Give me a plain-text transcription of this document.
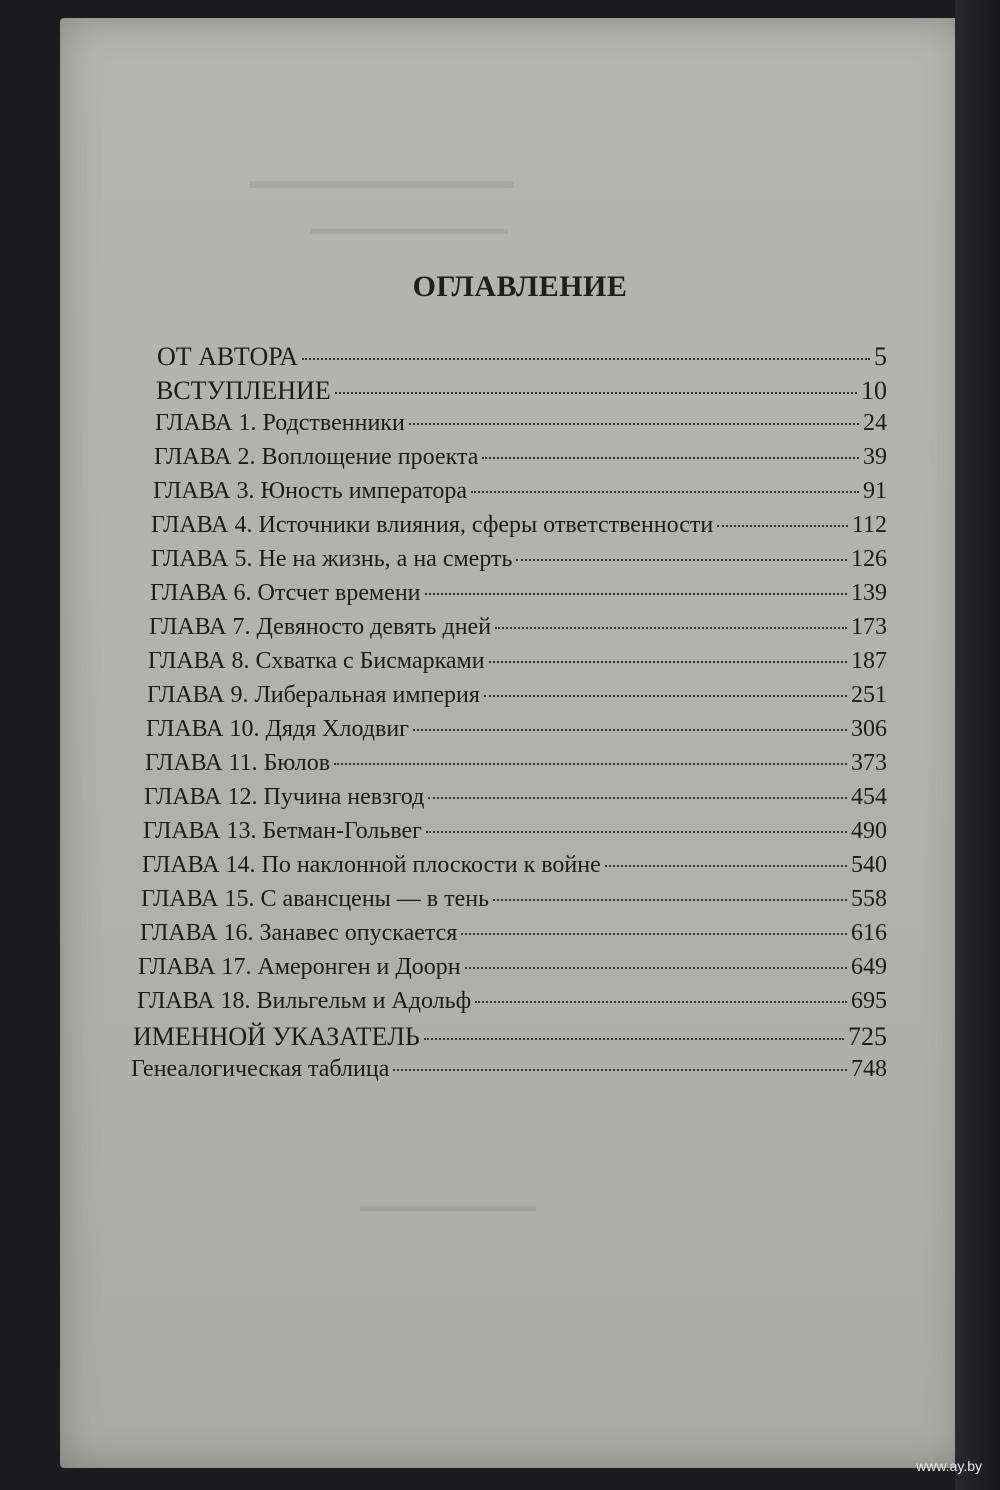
▬▬▬▬▬▬▬▬▬▬▬▬
▬▬▬▬▬▬▬▬▬▬▬
▬▬▬▬▬▬▬▬▬▬▬
ОГЛАВЛЕНИЕ
ОТ АВТОРА	5
ВСТУПЛЕНИЕ	10
ГЛАВА 1. Родственники	24
ГЛАВА 2. Воплощение проекта	39
ГЛАВА 3. Юность императора	91
ГЛАВА 4. Источники влияния, сферы ответственности	112
ГЛАВА 5. Не на жизнь, а на смерть	126
ГЛАВА 6. Отсчет времени	139
ГЛАВА 7. Девяносто девять дней	173
ГЛАВА 8. Схватка с Бисмарками	187
ГЛАВА 9. Либеральная империя	251
ГЛАВА 10. Дядя Хлодвиг	306
ГЛАВА 11. Бюлов	373
ГЛАВА 12. Пучина невзгод	454
ГЛАВА 13. Бетман-Гольвег	490
ГЛАВА 14. По наклонной плоскости к войне	540
ГЛАВА 15. С авансцены — в тень	558
ГЛАВА 16. Занавес опускается	616
ГЛАВА 17. Амеронген и Доорн	649
ГЛАВА 18. Вильгельм и Адольф	695
ИМЕННОЙ УКАЗАТЕЛЬ	725
Генеалогическая таблица	748
www.ay.by
